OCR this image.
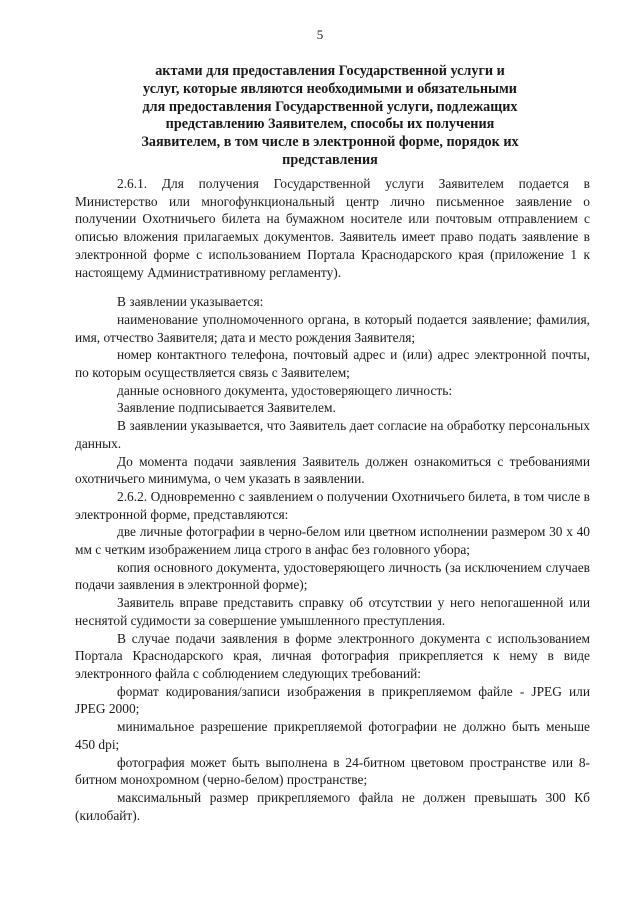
5
актами для предоставления Государственной услуги и
услуг, которые являются необходимыми и обязательными
для предоставления Государственной услуги, подлежащих
представлению Заявителем, способы их получения
Заявителем, в том числе в электронной форме, порядок их
представления

2.6.1. Для получения Государственной услуги Заявителем подается в Министерство или многофункциональный центр лично письменное заявление о получении Охотничьего билета на бумажном носителе или почтовым отправлением с описью вложения прилагаемых документов. Заявитель имеет право подать заявление в электронной форме с использованием Портала Краснодарского края (приложение 1 к настоящему Административному регламенту).

В заявлении указывается:

наименование уполномоченного органа, в который подается заявление; фамилия, имя, отчество Заявителя; дата и место рождения Заявителя;

номер контактного телефона, почтовый адрес и (или) адрес электронной почты, по которым осуществляется связь с Заявителем;

данные основного документа, удостоверяющего личность:

Заявление подписывается Заявителем.

В заявлении указывается, что Заявитель дает согласие на обработку персональных данных.

До момента подачи заявления Заявитель должен ознакомиться с требованиями охотничьего минимума, о чем указать в заявлении.

2.6.2. Одновременно с заявлением о получении Охотничьего билета, в том числе в электронной форме, представляются:

две личные фотографии в черно-белом или цветном исполнении размером 30 х 40 мм с четким изображением лица строго в анфас без головного убора;

копия основного документа, удостоверяющего личность (за исключением случаев подачи заявления в электронной форме);

Заявитель вправе представить справку об отсутствии у него непогашенной или неснятой судимости за совершение умышленного преступления.

В случае подачи заявления в форме электронного документа с использованием Портала Краснодарского края, личная фотография прикрепляется к нему в виде электронного файла с соблюдением следующих требований:

формат кодирования/записи изображения в прикрепляемом файле - JPEG или JPEG 2000;

минимальное разрешение прикрепляемой фотографии не должно быть меньше 450 dpi;

фотография может быть выполнена в 24-битном цветовом пространстве или 8-битном монохромном (черно-белом) пространстве;

максимальный размер прикрепляемого файла не должен превышать 300 Кб (килобайт).
